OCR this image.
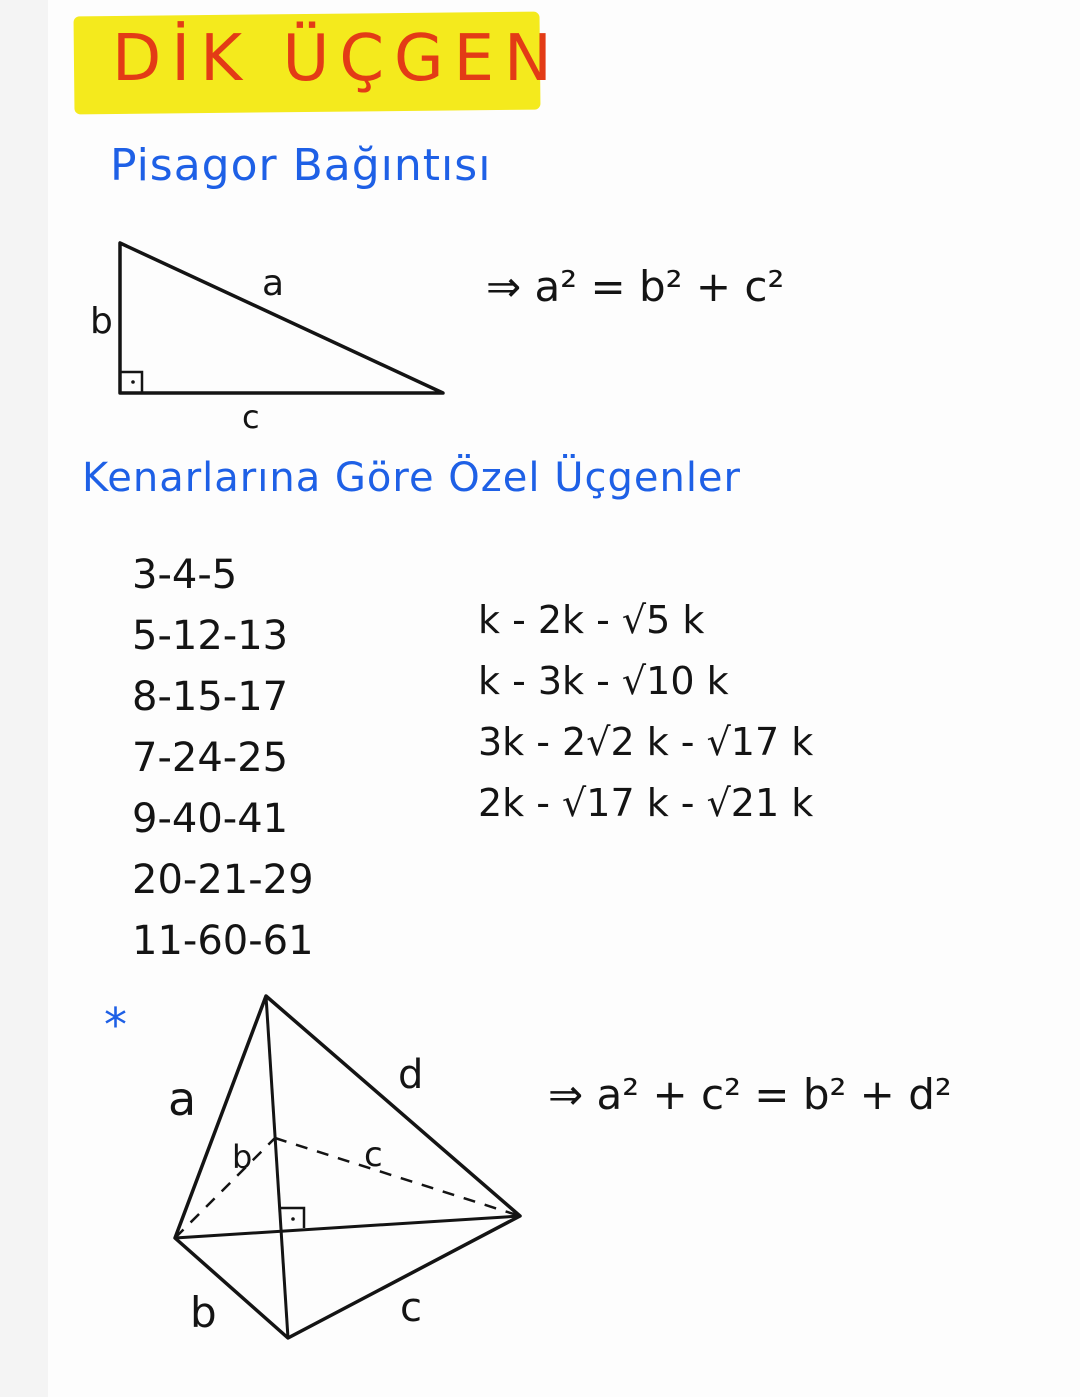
DİK ÜÇGEN
Pisagor Bağıntısı
a
b
c
a	d
b	c
b	c
⇒ a² = b² + c²
Kenarlarına Göre Özel Üçgenler
3-4-5
5-12-13
8-15-17
7-24-25
9-40-41
20-21-29
11-60-61
k - 2k - √5 k
k - 3k - √10 k
3k - 2√2 k - √17 k
2k - √17 k - √21 k
*
⇒ a² + c² = b² + d²
